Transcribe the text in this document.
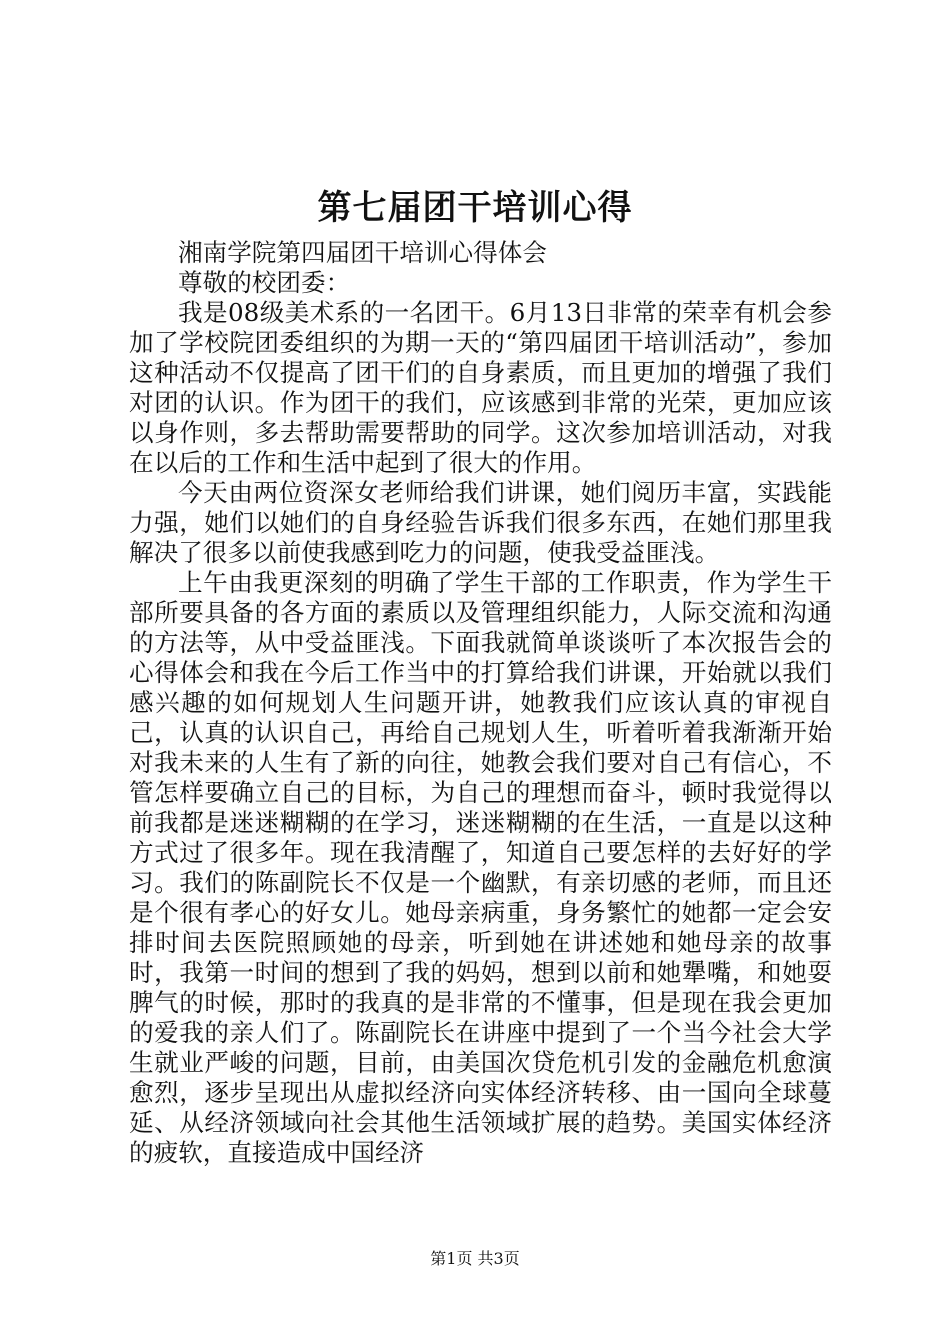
第七届团干培训心得

湘南学院第四届团干培训心得体会

尊敬的校团委：

我是08级美术系的一名团干。6月13日非常的荣幸有机会参加了学校院团委组织的为期一天的“第四届团干培训活动”，参加这种活动不仅提高了团干们的自身素质，而且更加的增强了我们对团的认识。作为团干的我们，应该感到非常的光荣，更加应该以身作则，多去帮助需要帮助的同学。这次参加培训活动，对我在以后的工作和生活中起到了很大的作用。

今天由两位资深女老师给我们讲课，她们阅历丰富，实践能力强，她们以她们的自身经验告诉我们很多东西，在她们那里我解决了很多以前使我感到吃力的问题，使我受益匪浅。

上午由我更深刻的明确了学生干部的工作职责，作为学生干部所要具备的各方面的素质以及管理组织能力，人际交流和沟通的方法等，从中受益匪浅。下面我就简单谈谈听了本次报告会的心得体会和我在今后工作当中的打算给我们讲课，开始就以我们感兴趣的如何规划人生问题开讲，她教我们应该认真的审视自己，认真的认识自己，再给自己规划人生，听着听着我渐渐开始对我未来的人生有了新的向往，她教会我们要对自己有信心，不管怎样要确立自己的目标，为自己的理想而奋斗，顿时我觉得以前我都是迷迷糊糊的在学习，迷迷糊糊的在生活，一直是以这种方式过了很多年。现在我清醒了，知道自己要怎样的去好好的学习。我们的陈副院长不仅是一个幽默，有亲切感的老师，而且还是个很有孝心的好女儿。她母亲病重，身务繁忙的她都一定会安排时间去医院照顾她的母亲，听到她在讲述她和她母亲的故事时，我第一时间的想到了我的妈妈，想到以前和她犟嘴，和她耍脾气的时候，那时的我真的是非常的不懂事，但是现在我会更加的爱我的亲人们了。陈副院长在讲座中提到了一个当今社会大学生就业严峻的问题，目前，由美国次贷危机引发的金融危机愈演愈烈，逐步呈现出从虚拟经济向实体经济转移、由一国向全球蔓延、从经济领域向社会其他生活领域扩展的趋势。美国实体经济的疲软，直接造成中国经济

第1页 共3页
